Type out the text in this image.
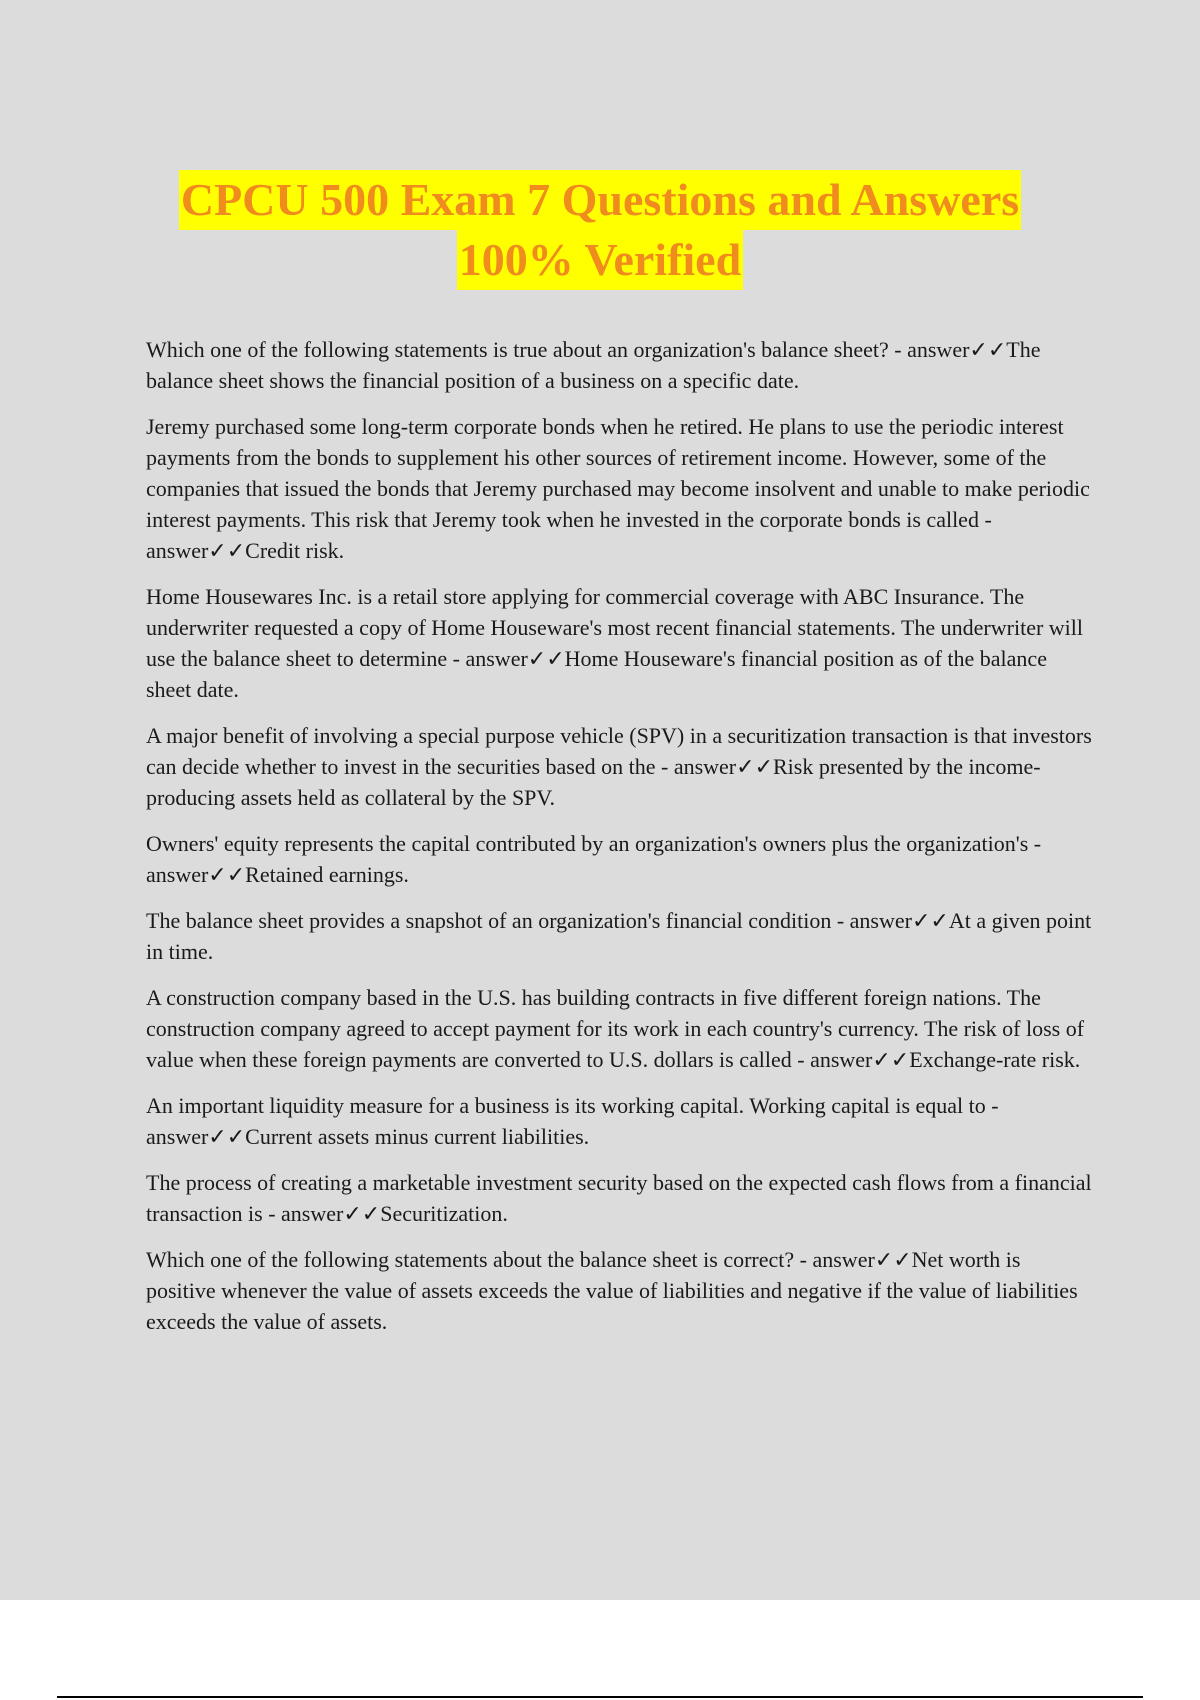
CPCU 500 Exam 7 Questions and Answers
100% Verified

Which one of the following statements is true about an organization's balance sheet? - answer✓✓The balance sheet shows the financial position of a business on a specific date.

Jeremy purchased some long-term corporate bonds when he retired. He plans to use the periodic interest payments from the bonds to supplement his other sources of retirement income. However, some of the companies that issued the bonds that Jeremy purchased may become insolvent and unable to make periodic interest payments. This risk that Jeremy took when he invested in the corporate bonds is called - answer✓✓Credit risk.

Home Housewares Inc. is a retail store applying for commercial coverage with ABC Insurance. The underwriter requested a copy of Home Houseware's most recent financial statements. The underwriter will use the balance sheet to determine - answer✓✓Home Houseware's financial position as of the balance sheet date.

A major benefit of involving a special purpose vehicle (SPV) in a securitization transaction is that investors can decide whether to invest in the securities based on the - answer✓✓Risk presented by the income-producing assets held as collateral by the SPV.

Owners' equity represents the capital contributed by an organization's owners plus the organization's - answer✓✓Retained earnings.

The balance sheet provides a snapshot of an organization's financial condition - answer✓✓At a given point in time.

A construction company based in the U.S. has building contracts in five different foreign nations. The construction company agreed to accept payment for its work in each country's currency. The risk of loss of value when these foreign payments are converted to U.S. dollars is called - answer✓✓Exchange-rate risk.

An important liquidity measure for a business is its working capital. Working capital is equal to - answer✓✓Current assets minus current liabilities.

The process of creating a marketable investment security based on the expected cash flows from a financial transaction is - answer✓✓Securitization.

Which one of the following statements about the balance sheet is correct? - answer✓✓Net worth is positive whenever the value of assets exceeds the value of liabilities and negative if the value of liabilities exceeds the value of assets.
